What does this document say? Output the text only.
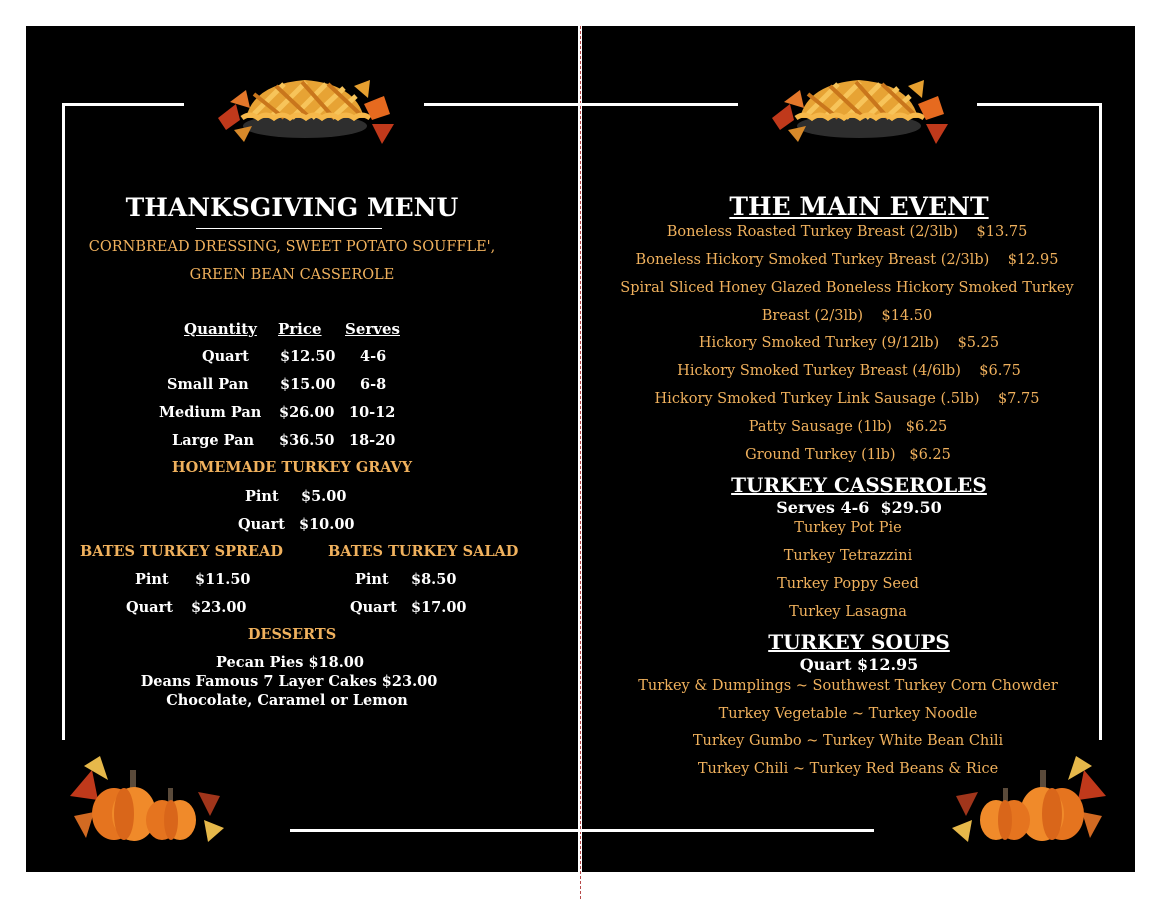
THANKSGIVING MENU
CORNBREAD DRESSING, SWEET POTATO SOUFFLE',
GREEN BEAN CASSEROLE
Quantity Price Serves
Quart $12.50 4-6
Small Pan $15.00 6-8
Medium Pan $26.00 10-12
Large Pan $36.50 18-20
HOMEMADE TURKEY GRAVY
Pint $5.00
Quart $10.00
BATES TURKEY SPREAD	BATES TURKEY SALAD
Pint $11.50
Quart $23.00
Pint $8.50
Quart $17.00
DESSERTS
Pecan Pies $18.00
Deans Famous 7 Layer Cakes $23.00
Chocolate, Caramel or Lemon
THE MAIN EVENT
Boneless Roasted Turkey Breast (2/3lb)    $13.75
Boneless Hickory Smoked Turkey Breast (2/3lb)    $12.95
Spiral Sliced Honey Glazed Boneless Hickory Smoked Turkey
Breast (2/3lb)    $14.50
Hickory Smoked Turkey (9/12lb)    $5.25
Hickory Smoked Turkey Breast (4/6lb)    $6.75
Hickory Smoked Turkey Link Sausage (.5lb)    $7.75
Patty Sausage (1lb)   $6.25
Ground Turkey (1lb)   $6.25
TURKEY CASSEROLES
Serves 4-6  $29.50
Turkey Pot Pie
Turkey Tetrazzini
Turkey Poppy Seed
Turkey Lasagna
TURKEY SOUPS
Quart $12.95
Turkey & Dumplings ~ Southwest Turkey Corn Chowder
Turkey Vegetable ~ Turkey Noodle
Turkey Gumbo ~ Turkey White Bean Chili
Turkey Chili ~ Turkey Red Beans & Rice
